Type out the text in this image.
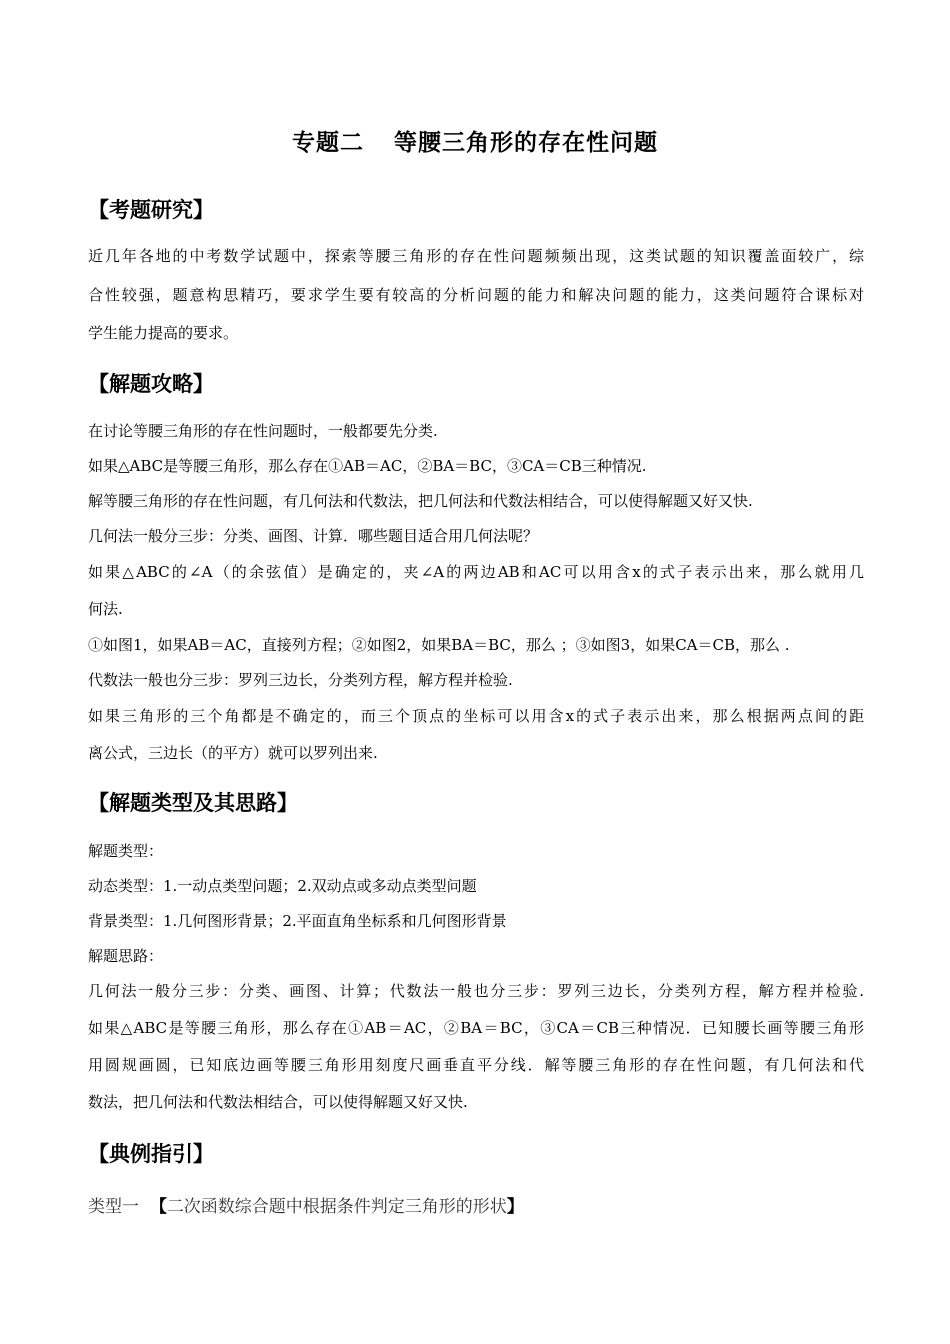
专题二 等腰三角形的存在性问题
【考题研究】
近几年各地的中考数学试题中，探索等腰三角形的存在性问题频频出现，这类试题的知识覆盖面较广，综
合性较强，题意构思精巧，要求学生要有较高的分析问题的能力和解决问题的能力，这类问题符合课标对
学生能力提高的要求。
【解题攻略】
在讨论等腰三角形的存在性问题时，一般都要先分类.
如果△ABC是等腰三角形，那么存在①AB＝AC，②BA＝BC，③CA＝CB三种情况.
解等腰三角形的存在性问题，有几何法和代数法，把几何法和代数法相结合，可以使得解题又好又快.
几何法一般分三步：分类、画图、计算．哪些题目适合用几何法呢？
如果△ABC的∠A（的余弦值）是确定的，夹∠A的两边AB和AC可以用含x的式子表示出来，那么就用几
何法.
①如图1，如果AB＝AC，直接列方程；②如图2，如果BA＝BC，那么 ；③如图3，如果CA＝CB，那么 .
代数法一般也分三步：罗列三边长，分类列方程，解方程并检验.
如果三角形的三个角都是不确定的，而三个顶点的坐标可以用含x的式子表示出来，那么根据两点间的距
离公式，三边长（的平方）就可以罗列出来.
【解题类型及其思路】
解题类型：
动态类型：1.一动点类型问题；2.双动点或多动点类型问题
背景类型：1.几何图形背景；2.平面直角坐标系和几何图形背景
解题思路：
几何法一般分三步：分类、画图、计算；代数法一般也分三步：罗列三边长，分类列方程，解方程并检验.
如果△ABC是等腰三角形，那么存在①AB＝AC，②BA＝BC，③CA＝CB三种情况．已知腰长画等腰三角形
用圆规画圆，已知底边画等腰三角形用刻度尺画垂直平分线．解等腰三角形的存在性问题，有几何法和代
数法，把几何法和代数法相结合，可以使得解题又好又快.
【典例指引】
类型一 【二次函数综合题中根据条件判定三角形的形状】
